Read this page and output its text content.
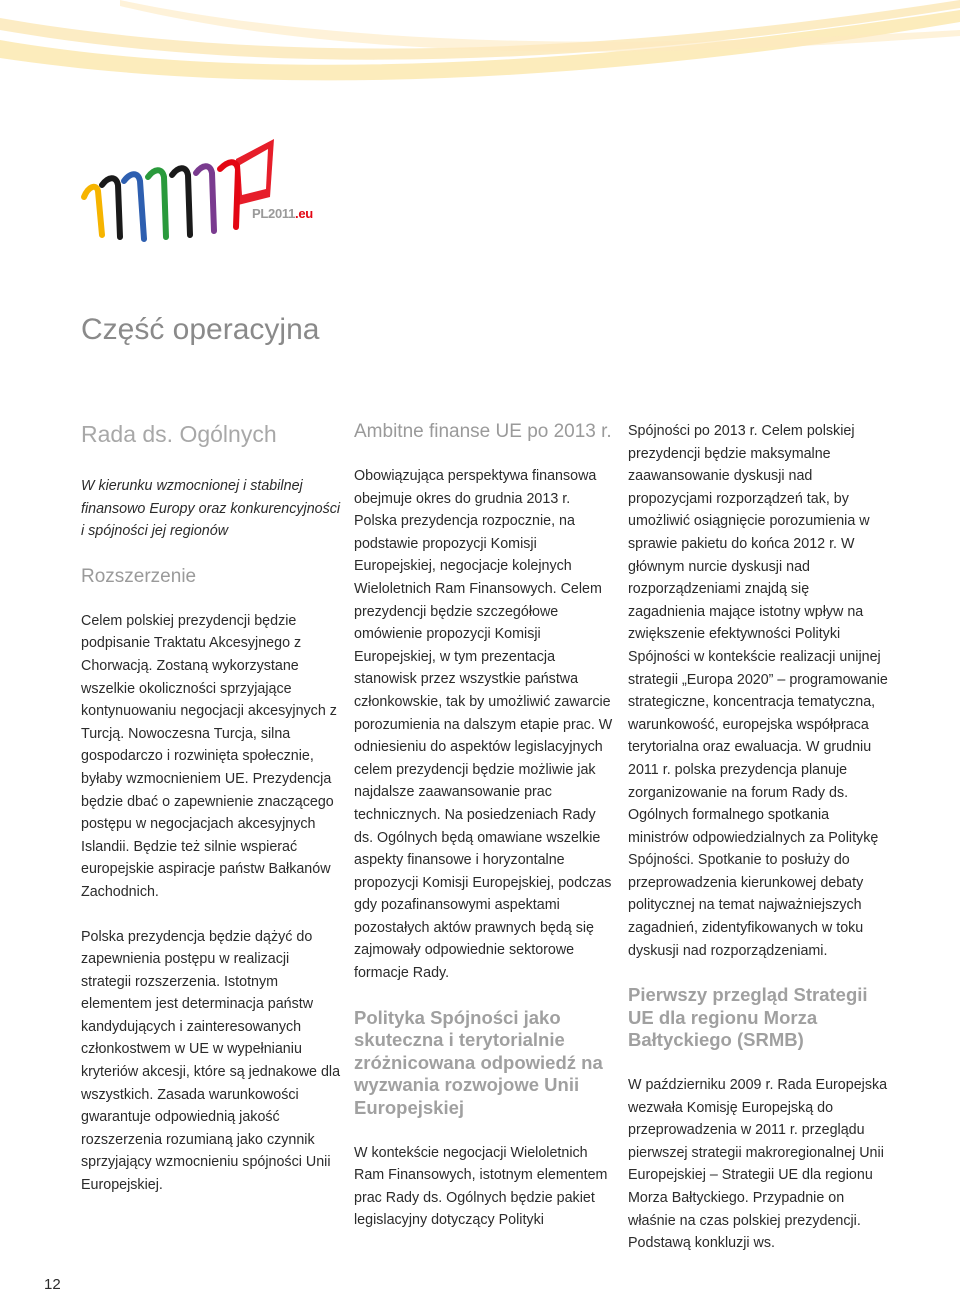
PL2011.eu
Część operacyjna
Rada ds. Ogólnych

W kierunku wzmocnionej i stabilnej finansowo Europy oraz konkurencyjności i spójności jej regionów

Rozszerzenie

Celem polskiej prezydencji będzie podpisanie Traktatu Akcesyjnego z Chorwacją. Zostaną wykorzystane wszelkie okoliczności sprzyjające kontynuowaniu negocjacji akcesyjnych z Turcją. Nowoczesna Turcja, silna gospodarczo i rozwinięta społecznie, byłaby wzmocnieniem UE. Prezydencja będzie dbać o zapewnienie znaczącego postępu w negocjacjach akcesyjnych Islandii. Będzie też silnie wspierać europejskie aspiracje państw Bałkanów Zachodnich.

Polska prezydencja będzie dążyć do zapewnienia postępu w realizacji strategii rozszerzenia. Istotnym elementem jest determinacja państw kandydujących i zainteresowanych członkostwem w UE w wypełnianiu kryteriów akcesji, które są jednakowe dla wszystkich. Zasada warunkowości gwarantuje odpowiednią jakość rozszerzenia rozumianą jako czynnik sprzyjający wzmocnieniu spójności Unii Europejskiej.

Ambitne finanse UE po 2013 r.

Obowiązująca perspektywa finansowa obejmuje okres do grudnia 2013 r. Polska prezydencja rozpocznie, na podstawie propozycji Komisji Europejskiej, negocjacje kolejnych Wieloletnich Ram Finansowych. Celem prezydencji będzie szczegółowe omówienie propozycji Komisji Europejskiej, w tym prezentacja stanowisk przez wszystkie państwa członkowskie, tak by umożliwić zawarcie porozumienia na dalszym etapie prac. W odniesieniu do aspektów legislacyjnych celem prezydencji będzie możliwie jak najdalsze zaawansowanie prac technicznych. Na posiedzeniach Rady ds. Ogólnych będą omawiane wszelkie aspekty finansowe i horyzontalne propozycji Komisji Europejskiej, podczas gdy pozafinansowymi aspektami pozostałych aktów prawnych będą się zajmowały odpowiednie sektorowe formacje Rady.

Polityka Spójności jako skuteczna i terytorialnie zróżnicowana odpowiedź na wyzwania rozwojowe Unii Europejskiej

W kontekście negocjacji Wieloletnich Ram Finansowych, istotnym elementem prac Rady ds. Ogólnych będzie pakiet legislacyjny dotyczący Polityki

Spójności po 2013 r. Celem polskiej prezydencji będzie maksymalne zaawansowanie dyskusji nad propozycjami rozporządzeń tak, by umożliwić osiągnięcie porozumienia w sprawie pakietu do końca 2012 r. W głównym nurcie dyskusji nad rozporządzeniami znajdą się zagadnienia mające istotny wpływ na zwiększenie efektywności Polityki Spójności w kontekście realizacji unijnej strategii „Europa 2020” – programowanie strategiczne, koncentracja tematyczna, warunkowość, europejska współpraca terytorialna oraz ewaluacja. W grudniu 2011 r. polska prezydencja planuje zorganizowanie na forum Rady ds. Ogólnych formalnego spotkania ministrów odpowiedzialnych za Politykę Spójności. Spotkanie to posłuży do przeprowadzenia kierunkowej debaty politycznej na temat najważniejszych zagadnień, zidentyfikowanych w toku dyskusji nad rozporządzeniami.

Pierwszy przegląd Strategii UE dla regionu Morza Bałtyckiego (SRMB)

W październiku 2009 r. Rada Europejska wezwała Komisję Europejską do przeprowadzenia w 2011 r. przeglądu pierwszej strategii makroregionalnej Unii Europejskiej – Strategii UE dla regionu Morza Bałtyckiego. Przypadnie on właśnie na czas polskiej prezydencji. Podstawą konkluzji ws.

12
